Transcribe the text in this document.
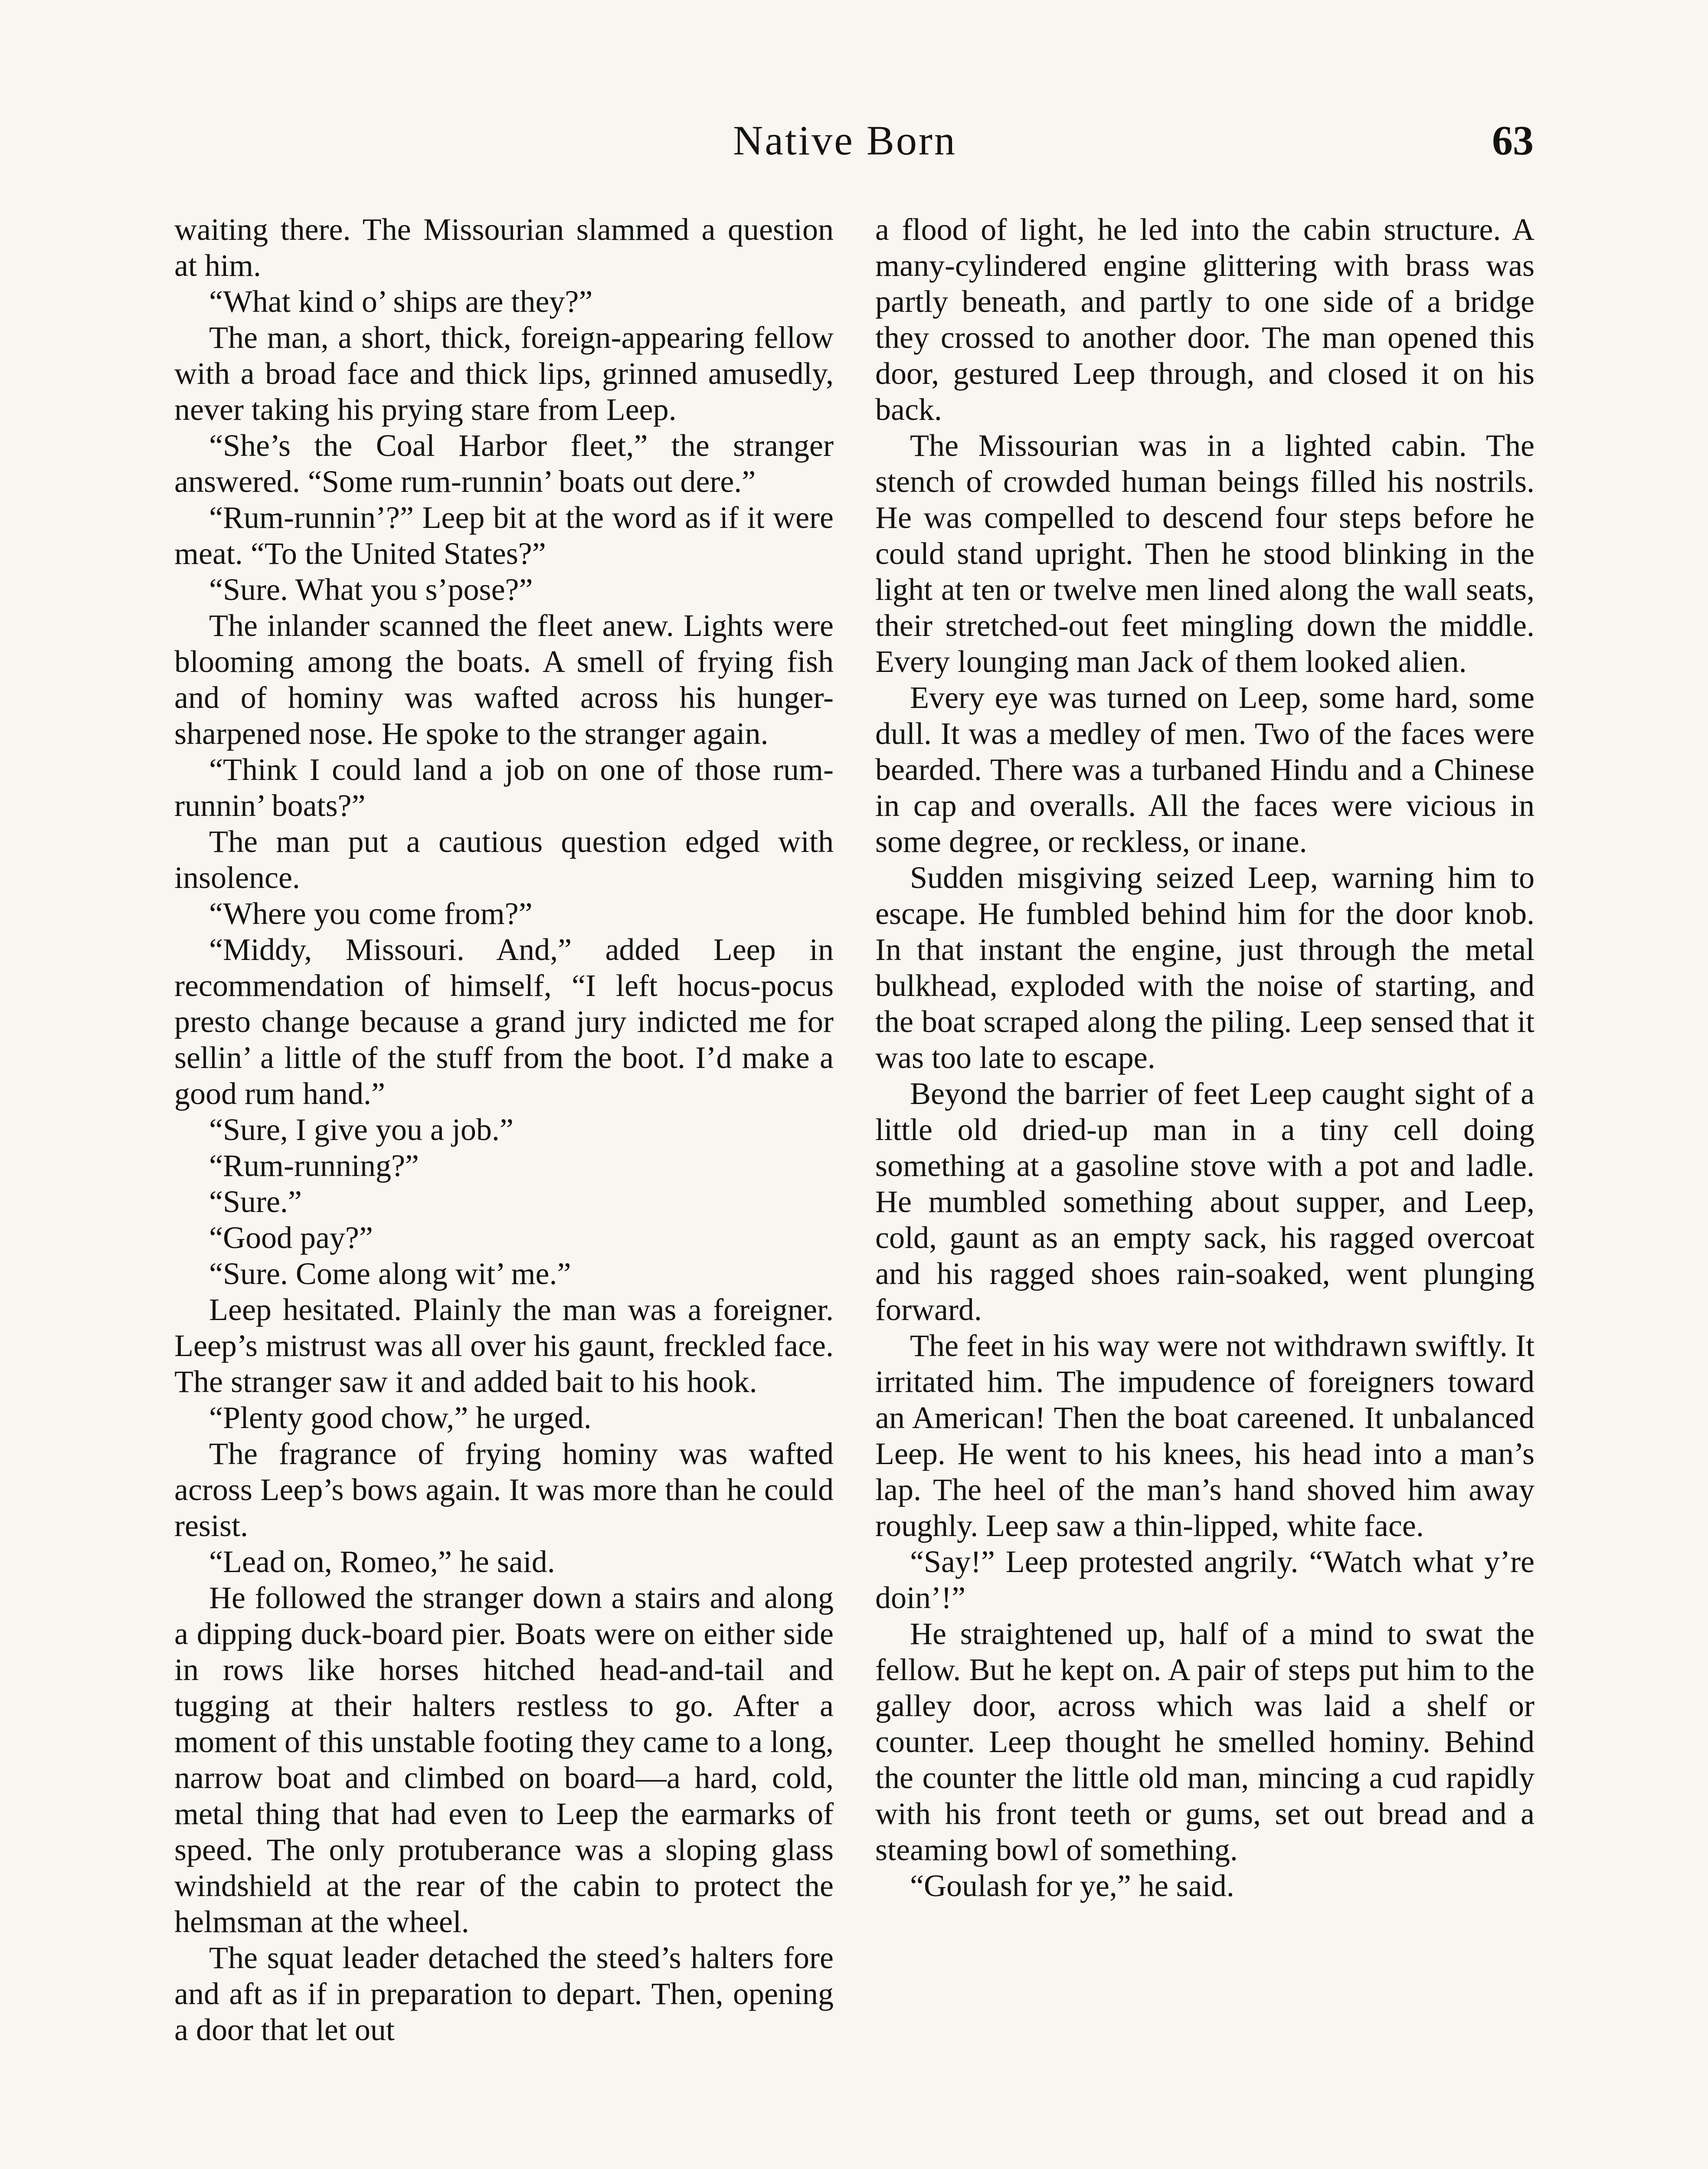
Native Born	63

waiting there. The Missourian slammed a question at him.

“What kind o’ ships are they?”

The man, a short, thick, foreign-appearing fellow with a broad face and thick lips, grinned amusedly, never taking his prying stare from Leep.

“She’s the Coal Harbor fleet,” the stranger answered. “Some rum-runnin’ boats out dere.”

“Rum-runnin’?” Leep bit at the word as if it were meat. “To the United States?”

“Sure. What you s’pose?”

The inlander scanned the fleet anew. Lights were blooming among the boats. A smell of frying fish and of hominy was wafted across his hunger-sharpened nose. He spoke to the stranger again.

“Think I could land a job on one of those rum-runnin’ boats?”

The man put a cautious question edged with insolence.

“Where you come from?”

“Middy, Missouri. And,” added Leep in recommendation of himself, “I left hocus-pocus presto change because a grand jury indicted me for sellin’ a little of the stuff from the boot. I’d make a good rum hand.”

“Sure, I give you a job.”

“Rum-running?”

“Sure.”

“Good pay?”

“Sure. Come along wit’ me.”

Leep hesitated. Plainly the man was a foreigner. Leep’s mistrust was all over his gaunt, freckled face. The stranger saw it and added bait to his hook.

“Plenty good chow,” he urged.

The fragrance of frying hominy was wafted across Leep’s bows again. It was more than he could resist.

“Lead on, Romeo,” he said.

He followed the stranger down a stairs and along a dipping duck-board pier. Boats were on either side in rows like horses hitched head-and-tail and tugging at their halters restless to go. After a moment of this unstable footing they came to a long, narrow boat and climbed on board—a hard, cold, metal thing that had even to Leep the earmarks of speed. The only protuberance was a sloping glass windshield at the rear of the cabin to protect the helmsman at the wheel.

The squat leader detached the steed’s halters fore and aft as if in preparation to depart. Then, opening a door that let out

a flood of light, he led into the cabin structure. A many-cylindered engine glittering with brass was partly beneath, and partly to one side of a bridge they crossed to another door. The man opened this door, gestured Leep through, and closed it on his back.

The Missourian was in a lighted cabin. The stench of crowded human beings filled his nostrils. He was compelled to descend four steps before he could stand upright. Then he stood blinking in the light at ten or twelve men lined along the wall seats, their stretched-out feet mingling down the middle. Every lounging man Jack of them looked alien.

Every eye was turned on Leep, some hard, some dull. It was a medley of men. Two of the faces were bearded. There was a turbaned Hindu and a Chinese in cap and overalls. All the faces were vicious in some degree, or reckless, or inane.

Sudden misgiving seized Leep, warning him to escape. He fumbled behind him for the door knob. In that instant the engine, just through the metal bulkhead, exploded with the noise of starting, and the boat scraped along the piling. Leep sensed that it was too late to escape.

Beyond the barrier of feet Leep caught sight of a little old dried-up man in a tiny cell doing something at a gasoline stove with a pot and ladle. He mumbled something about supper, and Leep, cold, gaunt as an empty sack, his ragged overcoat and his ragged shoes rain-soaked, went plunging forward.

The feet in his way were not withdrawn swiftly. It irritated him. The impudence of foreigners toward an American! Then the boat careened. It unbalanced Leep. He went to his knees, his head into a man’s lap. The heel of the man’s hand shoved him away roughly. Leep saw a thin-lipped, white face.

“Say!” Leep protested angrily. “Watch what y’re doin’!”

He straightened up, half of a mind to swat the fellow. But he kept on. A pair of steps put him to the galley door, across which was laid a shelf or counter. Leep thought he smelled hominy. Behind the counter the little old man, mincing a cud rapidly with his front teeth or gums, set out bread and a steaming bowl of something.

“Goulash for ye,” he said.
